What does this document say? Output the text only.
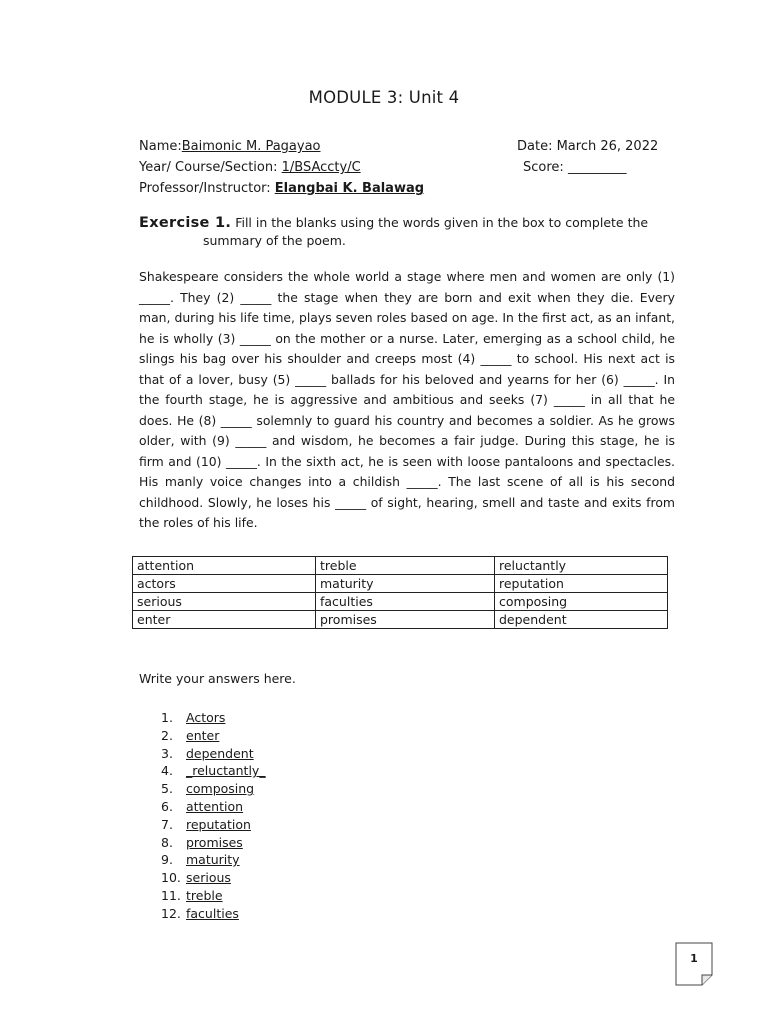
MODULE 3: Unit 4
Name:Baimonic M. Pagayao	Date: March 26, 2022
Year/ Course/Section: 1/BSAccty/C	Score: _________
Professor/Instructor: Elangbai K. Balawag
Exercise 1. Fill in the blanks using the words given in the box to complete the
summary of the poem.

Shakespeare considers the whole world a stage where men and women are only (1) _____. They (2) _____ the stage when they are born and exit when they die. Every man, during his life time, plays seven roles based on age. In the first act, as an infant, he is wholly (3) _____ on the mother or a nurse. Later, emerging as a school child, he slings his bag over his shoulder and creeps most (4) _____ to school. His next act is that of a lover, busy (5) _____ ballads for his beloved and yearns for her (6) _____. In the fourth stage, he is aggressive and ambitious and seeks (7) _____ in all that he does. He (8) _____ solemnly to guard his country and becomes a soldier. As he grows older, with (9) _____ and wisdom, he becomes a fair judge. During this stage, he is firm and (10) _____. In the sixth act, he is seen with loose pantaloons and spectacles. His manly voice changes into a childish _____. The last scene of all is his second childhood. Slowly, he loses his _____ of sight, hearing, smell and taste and exits from the roles of his life.

attention	treble	reluctantly
actors	maturity	reputation
serious	faculties	composing
enter	promises	dependent
Write your answers here.
1.	Actors
2.	enter
3.	dependent
4.	_reluctantly_
5.	composing
6.	attention
7.	reputation
8.	promises
9.	maturity
10. serious
11. treble
12. faculties
1
